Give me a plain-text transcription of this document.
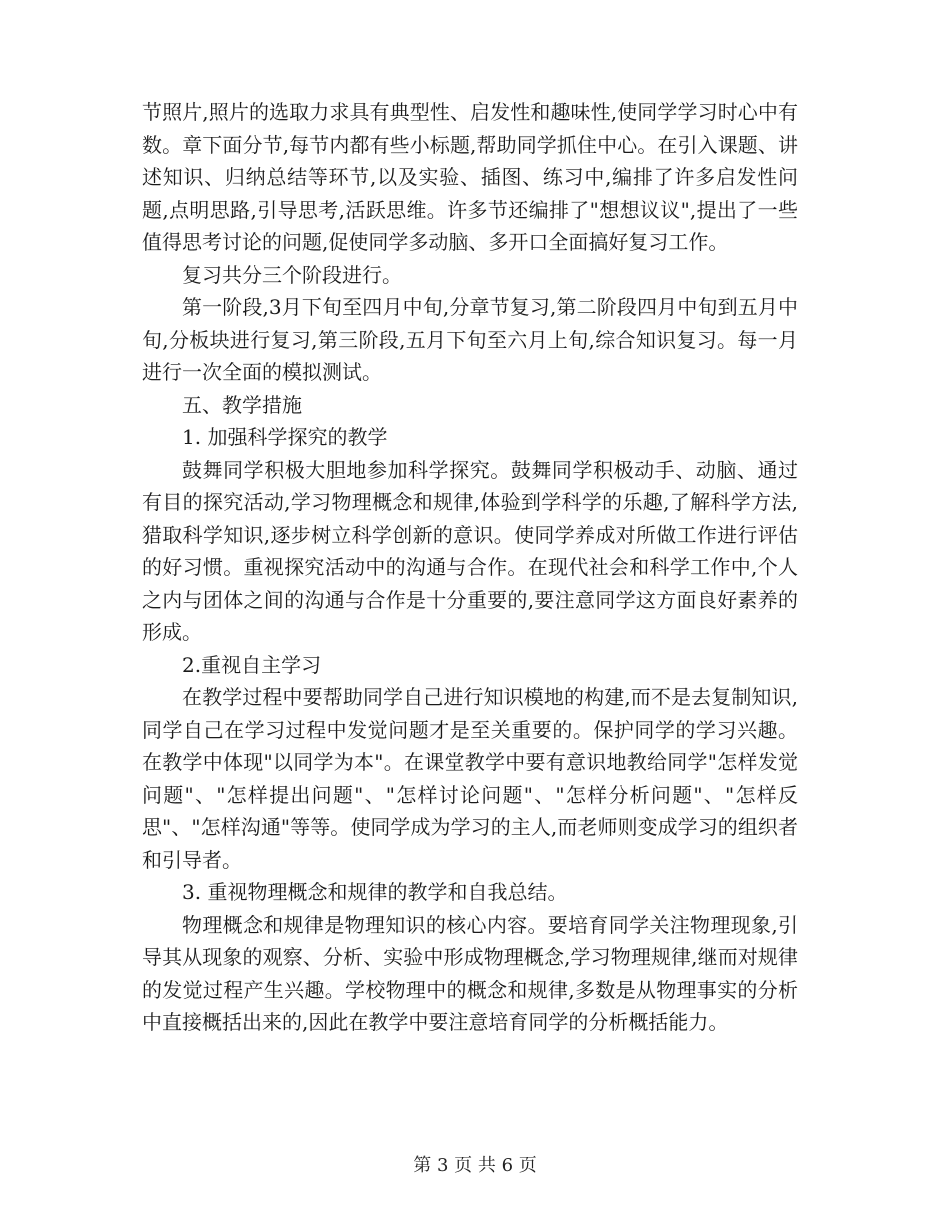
节照片,照片的选取力求具有典型性、启发性和趣味性,使同学学习时心中有数。章下面分节,每节内都有些小标题,帮助同学抓住中心。在引入课题、讲述知识、归纳总结等环节,以及实验、插图、练习中,编排了许多启发性问题,点明思路,引导思考,活跃思维。许多节还编排了"想想议议",提出了一些值得思考讨论的问题,促使同学多动脑、多开口全面搞好复习工作。

复习共分三个阶段进行。

第一阶段,3月下旬至四月中旬,分章节复习,第二阶段四月中旬到五月中旬,分板块进行复习,第三阶段,五月下旬至六月上旬,综合知识复习。每一月进行一次全面的模拟测试。

五、教学措施

1. 加强科学探究的教学

鼓舞同学积极大胆地参加科学探究。鼓舞同学积极动手、动脑、通过有目的探究活动,学习物理概念和规律,体验到学科学的乐趣,了解科学方法,猎取科学知识,逐步树立科学创新的意识。使同学养成对所做工作进行评估的好习惯。重视探究活动中的沟通与合作。在现代社会和科学工作中,个人之内与团体之间的沟通与合作是十分重要的,要注意同学这方面良好素养的形成。

2.重视自主学习

在教学过程中要帮助同学自己进行知识模地的构建,而不是去复制知识,同学自己在学习过程中发觉问题才是至关重要的。保护同学的学习兴趣。在教学中体现"以同学为本"。在课堂教学中要有意识地教给同学"怎样发觉问题"、"怎样提出问题"、"怎样讨论问题"、"怎样分析问题"、"怎样反思"、"怎样沟通"等等。使同学成为学习的主人,而老师则变成学习的组织者和引导者。

3. 重视物理概念和规律的教学和自我总结。

物理概念和规律是物理知识的核心内容。要培育同学关注物理现象,引导其从现象的观察、分析、实验中形成物理概念,学习物理规律,继而对规律的发觉过程产生兴趣。学校物理中的概念和规律,多数是从物理事实的分析中直接概括出来的,因此在教学中要注意培育同学的分析概括能力。

第 3 页 共 6 页
